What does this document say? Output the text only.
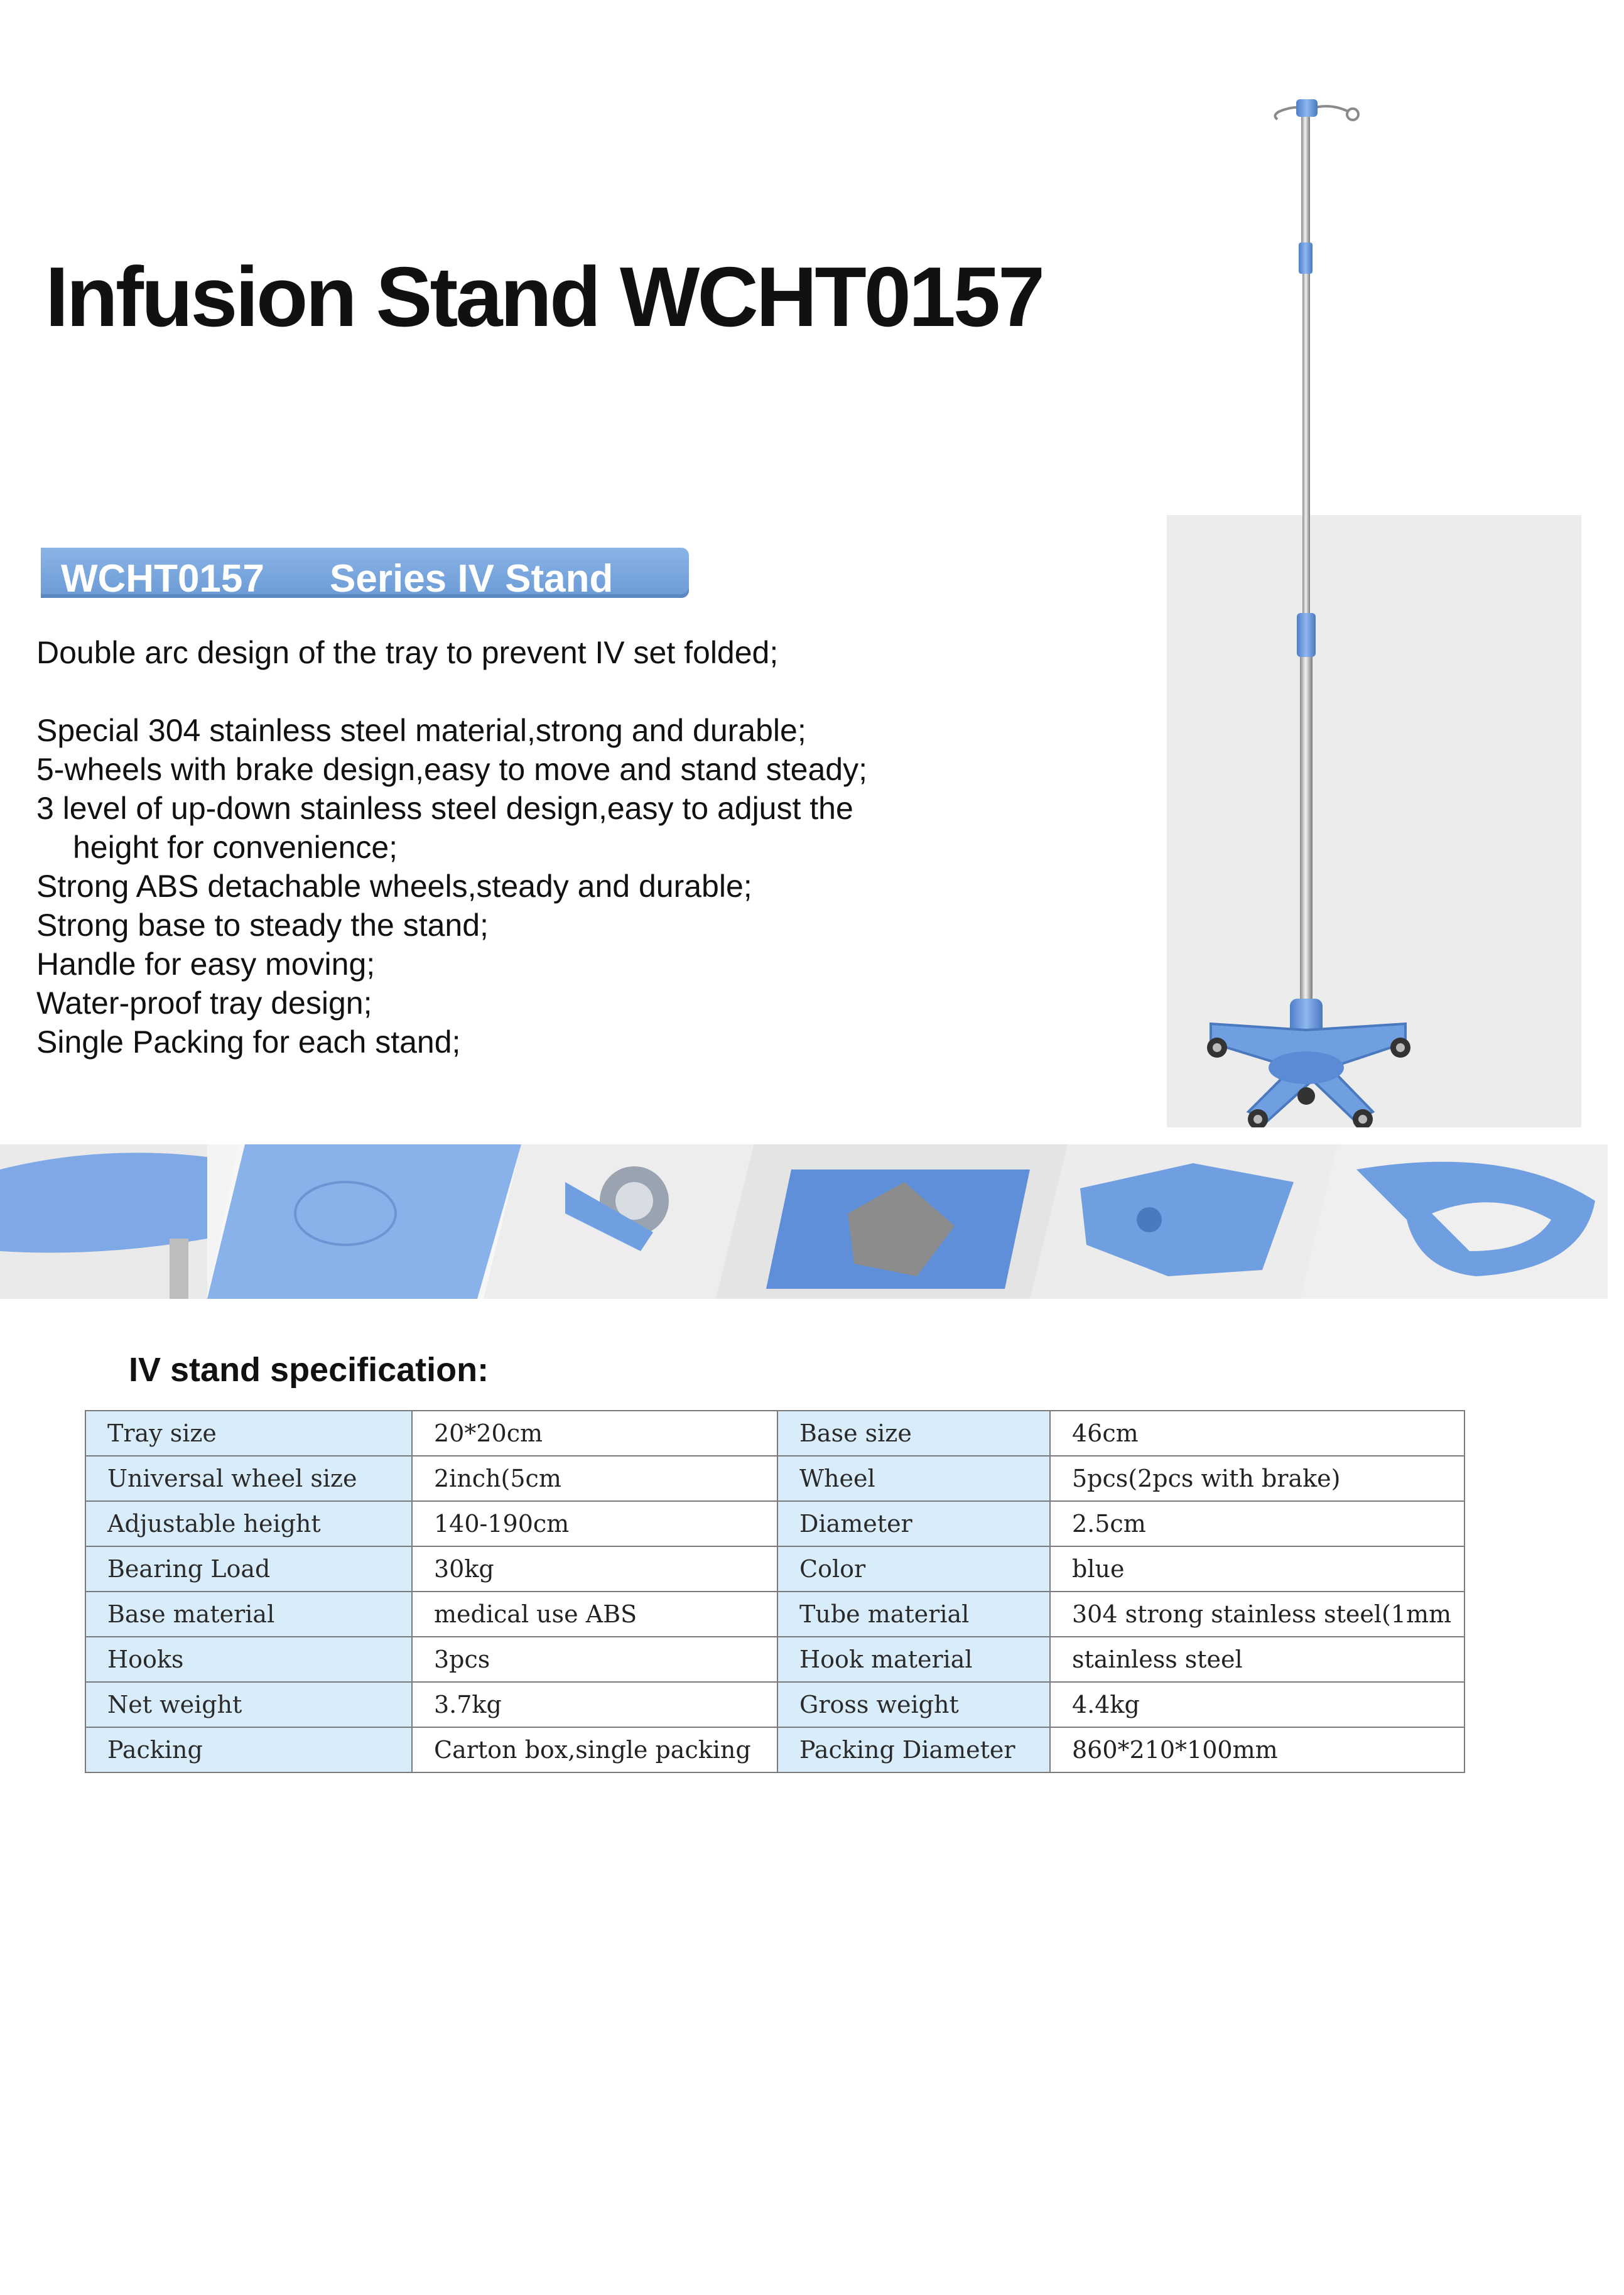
Infusion Stand WCHT0157
WCHT0157 Series IV Stand
Double arc design of the tray to prevent IV set folded;
Special 304 stainless steel material,strong and durable;
5-wheels with brake design,easy to move and stand steady;
3 level of up-down stainless steel design,easy to adjust the
height for convenience;
Strong ABS detachable wheels,steady and durable;
Strong base to steady the stand;
Handle for easy moving;
Water-proof tray design;
Single Packing for each stand;
IV stand specification:
Tray size	20*20cm	Base size	46cm
Universal wheel size	2inch(5cm	Wheel	5pcs(2pcs with brake)
Adjustable height	140-190cm	Diameter	2.5cm
Bearing Load	30kg	Color	blue
Base material	medical use ABS	Tube material	304 strong stainless steel(1mm
Hooks	3pcs	Hook material	stainless steel
Net weight	3.7kg	Gross weight	4.4kg
Packing	Carton box,single packing	Packing Diameter	860*210*100mm
